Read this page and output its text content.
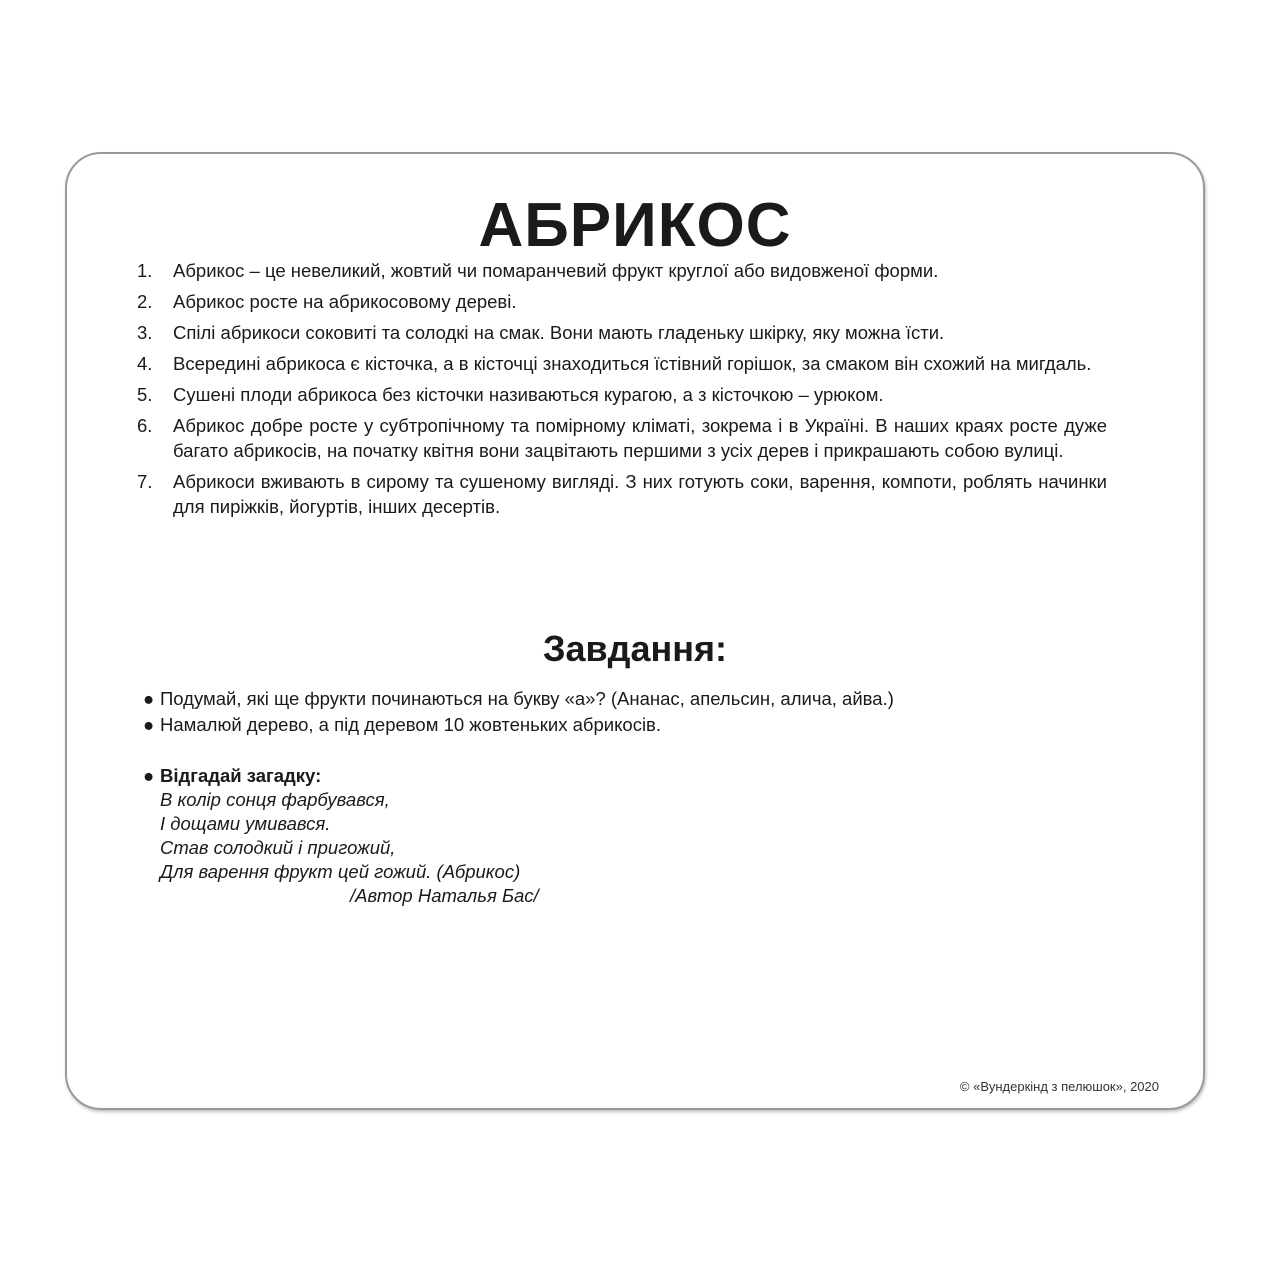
АБРИКОС
1.	Абрикос – це невеликий, жовтий чи помаранчевий фрукт круглої або видовженої форми.
2.	Абрикос росте на абрикосовому дереві.
3.	Спілі абрикоси соковиті та солодкі на смак. Вони мають гладеньку шкірку, яку можна їсти.
4.	Всередині абрикоса є кісточка, а в кісточці знаходиться їстівний горішок, за смаком він схожий на мигдаль.
5.	Сушені плоди абрикоса без кісточки називаються курагою, а з кісточкою – урюком.
6.	Абрикос добре росте у субтропічному та помірному кліматі, зокрема і в Україні. В наших краях росте дуже багато абрикосів, на початку квітня вони зацвітають першими з усіх дерев і прикрашають собою вулиці.
7.	Абрикоси вживають в сирому та сушеному вигляді. З них готують соки, варення, компоти, роблять начинки для пиріжків, йогуртів, інших десертів.
Завдання:
● Подумай, які ще фрукти починаються на букву «а»? (Ананас, апельсин, алича, айва.)
● Намалюй дерево, а під деревом 10 жовтеньких абрикосів.
● Відгадай загадку:
В колір сонця фарбувався,
І дощами умивався.
Став солодкий і пригожий,
Для варення фрукт цей гожий. (Абрикос)
/Автор Наталья Бас/
© «Вундеркінд з пелюшок», 2020
